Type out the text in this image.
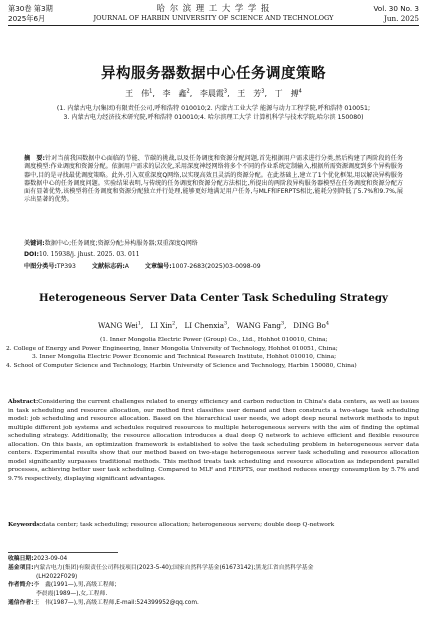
第30卷 第3期	哈 尔 滨 理 工 大 学 学 报	Vol. 30 No. 3
2025年6月	JOURNAL OF HARBIN UNIVERSITY OF SCIENCE AND TECHNOLOGY	Jun. 2025
异构服务器数据中心任务调度策略
王　伟$^1$, 李　鑫$^2$, 李晨霞$^3$, 王　芳$^3$, 丁　搏$^4$
(1. 内蒙古电力(集团)有限责任公司,呼和浩特 010010;2. 内蒙古工业大学 能源与动力工程学院,呼和浩特 010051;
3. 内蒙古电力经济技术研究院,呼和浩特 010010;4. 哈尔滨理工大学 计算机科学与技术学院,哈尔滨 150080)
摘　要:针对当前我国数据中心面临的节能、节碳的挑战,以及任务调度和资源分配问题,首先根据用户需求进行分类,然后构建了两阶段的任务调度模型:作业调度和资源分配。依据用户需求的层次化,采用深度神经网络将多个不同的作业系统定制输入,根据所需资源调度到多个异构服务器中,目的是寻找最优调度策略。此外,引入双重深度Q网络,以实现高效且灵活的资源分配。在此基础上,建立了1个优化框架,用以解决异构服务器数据中心的任务调度问题。实验结果表明,与传统的任务调度和资源分配方法相比,所提出的两阶段异构服务器模型在任务调度和资源分配方面有显著优势,该模型将任务调度和资源分配独立并行处理,能够更好地满足用户任务,与MLF和FERPTS相比,能耗分别降低了5.7%和9.7%,展示出显著的优势。
关键词:数据中心;任务调度;资源分配;异构服务器;双重深度Q网络
DOI:10. 15938/j. jhust. 2025. 03. 011
中图分类号:TP393	文献标志码:A	文章编号:1007-2683(2025)03-0098-09
Heterogeneous Server Data Center Task Scheduling Strategy
WANG Wei$^1$, LI Xin$^2$, LI Chenxia$^3$, WANG Fang$^3$, DING Bo$^4$
(1. Inner Mongolia Electric Power (Group) Co., Ltd., Hohhot 010010, China;
2. College of Energy and Power Engineering, Inner Mongolia University of Technology, Hohhot 010051, China;
3. Inner Mongolia Electric Power Economic and Technical Research Institute, Hohhot 010010, China;
4. School of Computer Science and Technology, Harbin University of Science and Technology, Harbin 150080, China)
Abstract:Considering the current challenges related to energy efficiency and carbon reduction in China's data centers, as well as issues in task scheduling and resource allocation, our method first classifies user demand and then constructs a two-stage task scheduling model: job scheduling and resource allocation. Based on the hierarchical user needs, we adopt deep neural network methods to input multiple different job systems and schedules required resources to multiple heterogeneous servers with the aim of finding the optimal scheduling strategy. Additionally, the resource allocation introduces a dual deep Q network to achieve efficient and flexible resource allocation. On this basis, an optimization framework is established to solve the task scheduling problem in heterogeneous server data centers. Experimental results show that our method based on two-stage heterogeneous server task scheduling and resource allocation model significantly surpasses traditional methods. This method treats task scheduling and resource allocation as independent parallel processes, achieving better user task scheduling. Compared to MLF and FERPTS, our method reduces energy consumption by 5.7% and 9.7% respectively, displaying significant advantages.
Keywords:data center; task scheduling; resource allocation; heterogeneous servers; double deep Q-network
收稿日期:2023-09-04
基金项目:内蒙古电力(集团)有限责任公司科技项目(2023-5-40);国家自然科学基金(61673142);黑龙江省自然科学基金
(LH2022F029)
作者简介:李　鑫(1991—),男,高级工程师;
李晨霞(1989—),女,工程师.
通信作者:王　伟(1987—),男,高级工程师,E-mail:524399952@qq.com.
